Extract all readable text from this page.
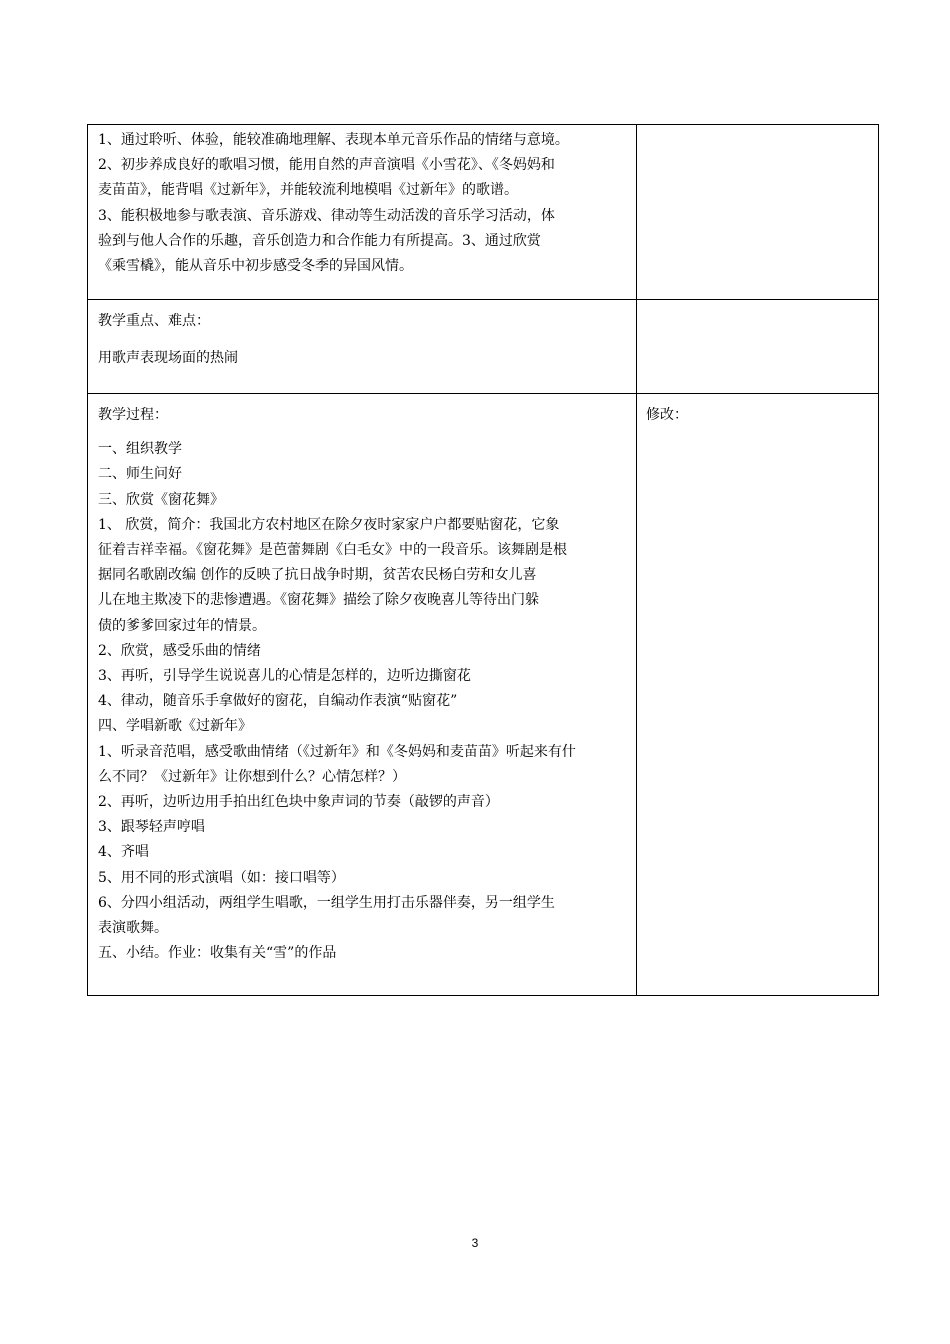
1、通过聆听、体验，能较准确地理解、表现本单元音乐作品的情绪与意境。
2、初步养成良好的歌唱习惯，能用自然的声音演唱《小雪花》、《冬妈妈和
麦苗苗》，能背唱《过新年》，并能较流利地模唱《过新年》的歌谱。
3、能积极地参与歌表演、音乐游戏、律动等生动活泼的音乐学习活动，体
验到与他人合作的乐趣，音乐创造力和合作能力有所提高。3、通过欣赏
《乘雪橇》，能从音乐中初步感受冬季的异国风情。
教学重点、难点：
用歌声表现场面的热闹
教学过程：
一、组织教学
二、师生问好
三、欣赏《窗花舞》
1、 欣赏，简介：我国北方农村地区在除夕夜时家家户户都要贴窗花，它象
征着吉祥幸福。《窗花舞》是芭蕾舞剧《白毛女》中的一段音乐。该舞剧是根
据同名歌剧改编 创作的反映了抗日战争时期，贫苦农民杨白劳和女儿喜
儿在地主欺凌下的悲惨遭遇。《窗花舞》描绘了除夕夜晚喜儿等待出门躲
债的爹爹回家过年的情景。
2、欣赏，感受乐曲的情绪
3、再听，引导学生说说喜儿的心情是怎样的，边听边撕窗花
4、律动，随音乐手拿做好的窗花，自编动作表演“贴窗花”
四、学唱新歌《过新年》
1、听录音范唱，感受歌曲情绪（《过新年》和《冬妈妈和麦苗苗》听起来有什
么不同？《过新年》让你想到什么？心情怎样？）
2、再听，边听边用手拍出红色块中象声词的节奏（敲锣的声音）
3、跟琴轻声哼唱
4、齐唱
5、用不同的形式演唱（如：接口唱等）
6、分四小组活动，两组学生唱歌，一组学生用打击乐器伴奏，另一组学生
表演歌舞。
五、小结。作业：收集有关“雪”的作品
修改：
3
